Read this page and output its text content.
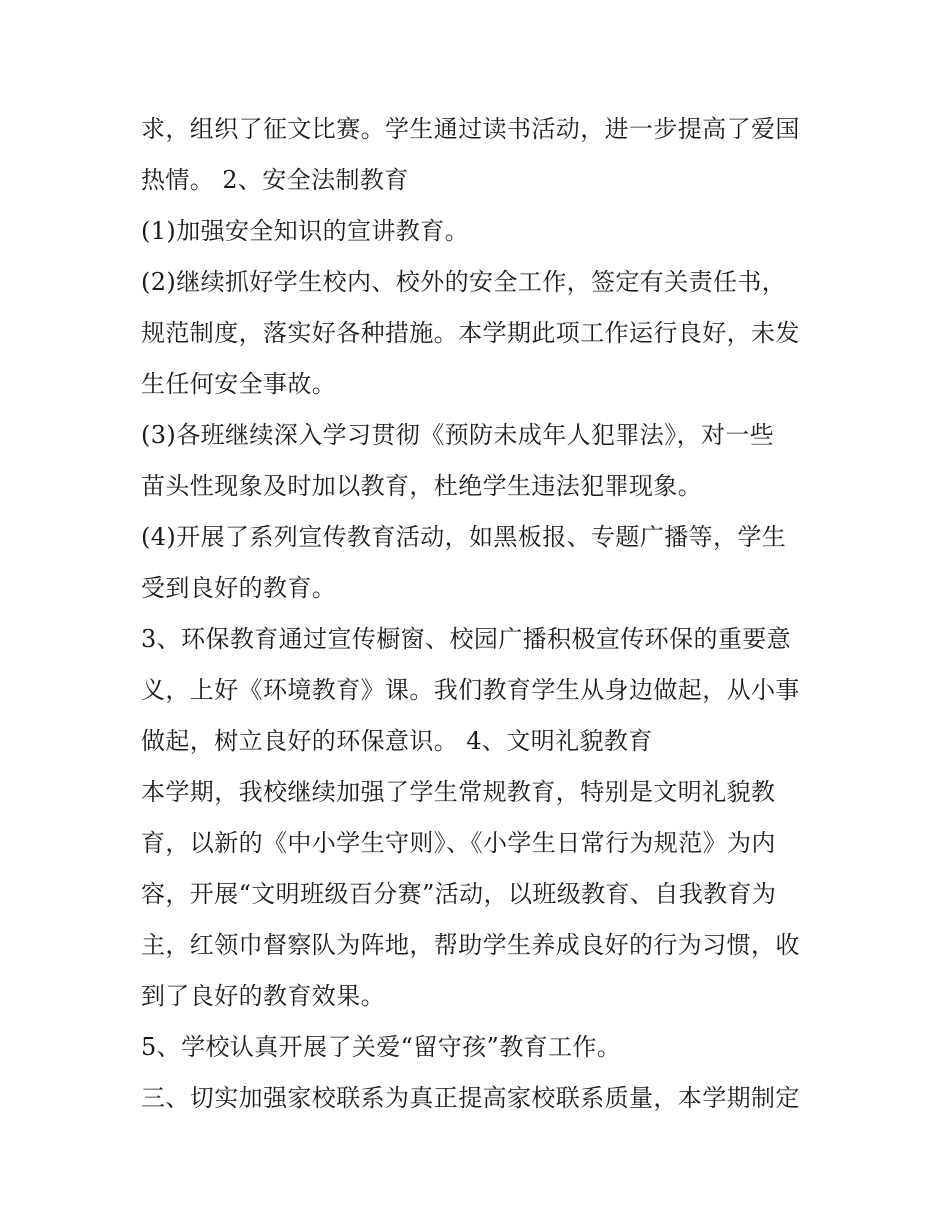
求，组织了征文比赛。学生通过读书活动，进一步提高了爱国
热情。 2、安全法制教育
(1)加强安全知识的宣讲教育。
(2)继续抓好学生校内、校外的安全工作，签定有关责任书，
规范制度，落实好各种措施。本学期此项工作运行良好，未发
生任何安全事故。
(3)各班继续深入学习贯彻《预防未成年人犯罪法》，对一些
苗头性现象及时加以教育，杜绝学生违法犯罪现象。
(4)开展了系列宣传教育活动，如黑板报、专题广播等，学生
受到良好的教育。
3、环保教育通过宣传橱窗、校园广播积极宣传环保的重要意
义，上好《环境教育》课。我们教育学生从身边做起，从小事
做起，树立良好的环保意识。 4、文明礼貌教育
本学期，我校继续加强了学生常规教育，特别是文明礼貌教
育，以新的《中小学生守则》、《小学生日常行为规范》为内
容，开展“文明班级百分赛”活动，以班级教育、自我教育为
主，红领巾督察队为阵地，帮助学生养成良好的行为习惯，收
到了良好的教育效果。
5、学校认真开展了关爱“留守孩”教育工作。
三、切实加强家校联系为真正提高家校联系质量，本学期制定
